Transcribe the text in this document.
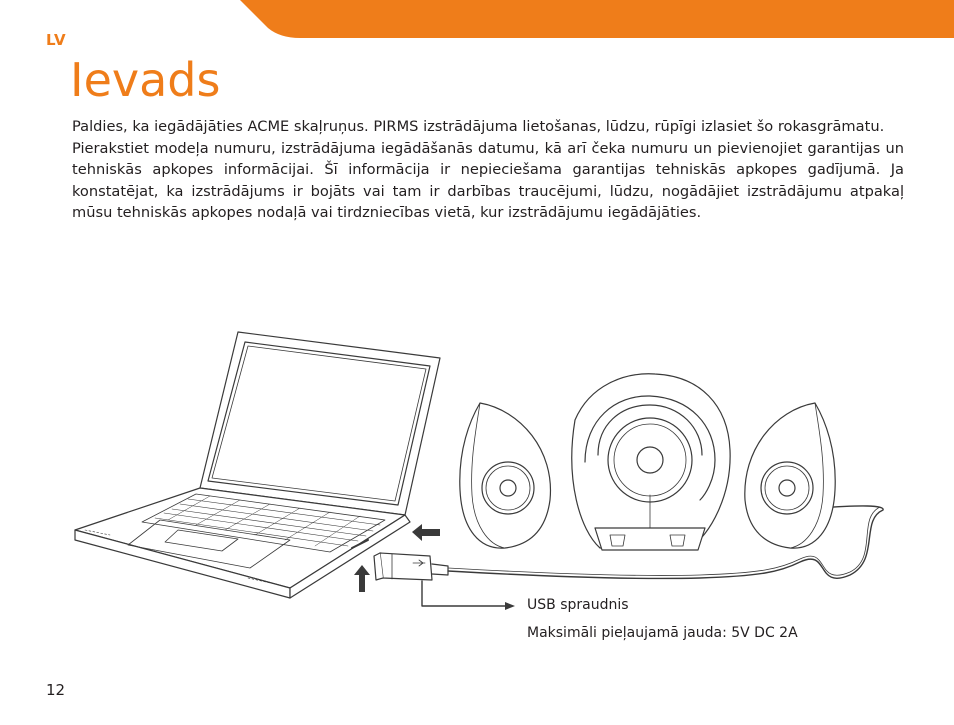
LV
Ievads

Paldies, ka iegādājāties ACME skaļruņus. PIRMS izstrādājuma lietošanas, lūdzu, rūpīgi izlasiet šo rokasgrāmatu.

Pierakstiet modeļa numuru, izstrādājuma iegādāšanās datumu, kā arī čeka numuru un pievienojiet garantijas un tehniskās apkopes informācijai. Šī informācija ir nepieciešama garantijas tehniskās apkopes gadījumā. Ja konstatējat, ka izstrādājums ir bojāts vai tam ir darbības traucējumi, lūdzu, nogādājiet izstrādājumu atpakaļ mūsu tehniskās apkopes nodaļā vai tirdzniecības vietā, kur izstrādājumu iegādājāties.

USB spraudnis
Maksimāli pieļaujamā jauda: 5V DC 2A
12
